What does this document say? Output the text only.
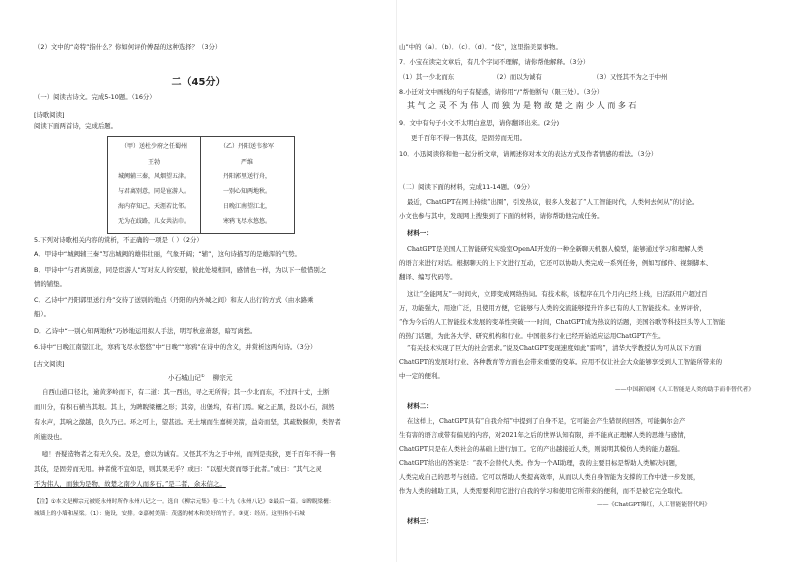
（2）文中的“奇特”指什么？你如何评价傅磊的这种选择？（3分）
二（45分）
（一）阅读古诗文。完成5-10题。（16分）
[诗歌阅读]
阅读下面两首诗，完成后题。
（甲）送杜少府之任蜀州
王勃
城阙辅三秦，风烟望五津。
与君离别意，同是宦游人。
海内存知己，天涯若比邻。
无为在歧路，儿女共沾巾。
（乙）丹阳送韦参军
严维
丹阳郭里送行舟，
一别心知两地秋。
日晚江南望江北，
寒鸦飞尽水悠悠。
5.下列对诗歌相关内容的赏析，不正确的一项是（ ）（2分）
A．甲诗中“城阙辅三秦”写出城阙的雄伟壮丽，气象开阔；“辅”，这句诗描写的是雄浑的气势。
B．甲诗中“与君离别意，同是宦游人”写对友人的安慰，彼此处境相同，感情也一样，为以下一般惜别之
情的铺垫。
C．乙诗中“丹阳郭里送行舟”交待了送别的地点（丹阳的内外城之间）和友人出行的方式（由水路乘
船）。
D．乙诗中“一别心知两地秋”巧妙地运用拟人手法，明写秋意萧瑟，暗写离愁。
6.诗中“日晚江南望江北，寒鸦飞尽水悠悠”中“日晚”“寒鸦”在诗中的含义，并赏析这两句诗。（3分）
[古文阅读]
小石城山记① 柳宗元
自西山道口径北，逾黄茅岭而下，有二道：其一西出，寻之无所得；其一少北而东，不过四十丈，土断
而川分，有积石横当其垠。其上，为睥睨梁欐之形；其旁，出堡坞，有若门焉。窥之正黑，投以小石，洞然
有水声，其响之激越，良久乃已。环之可上，望甚远。无土壤而生嘉树美箭，益奇而坚，其疏数偃仰，类智者
所施设也。
噫！吾疑造物者之有无久矣。及是，愈以为诚有。又怪其不为之于中州，而列是夷狄，更千百年不得一售
其伎，是固劳而无用。神者傥不宜如是，则其果无乎？或曰：“以慰夫贤而辱于此者。”或曰：“其气之灵
不为伟人，而独为是物，故楚之南少人而多石。”是二者，余未信之。
【注】①本文是柳宗元被贬永州时所作永州八记之一。选自《柳宗元集》卷二十九《永州八记》②最后一篇。①睥睨梁欐：
城墙上的小墙和屋梁。（1）：施设，安排。②嘉树美箭：茂盛的树木和美好的竹子。③更：经历。这里指小石城
山”中的（a）．（b）．（c）．（d）．“伎”，这里指美景事物。
7．小宝在读完文章后，有几个字词不理解，请你帮他解释。（3分）
（1）其一少北而东	（2）而以为诚有	（3）又怪其不为之于中州
8.小迁对文中画线的句子有疑惑，请你用“/”帮他断句（限三处）。（3分）
其 气 之 灵 不 为 伟 人 而 独 为 是 物 故 楚 之 南 少 人 而 多 石
9．文中有句子小文不太明白意思，请你翻译出来。(2分)
更千百年不得一售其伎，是固劳而无用。
10．小迅阅读你和他一起分析文章，请阐述你对本文的表达方式及作者情感的看法。（3分）
（二）阅读下面的材料，完成11-14题。（9分）
最近，ChatGPT在网上持续“出圈”，引发热议，很多人发起了“人工智能时代，人类何去何从”的讨论。
小文也参与其中，发现网上搜集到了下面的材料，请你帮助他完成任务。
材料一：
ChatGPT是美国人工智能研究实验室OpenAI开发的一种全新聊天机器人模型，能够通过学习和理解人类
的语言来进行对话。根据聊天的上下文进行互动，它还可以协助人类完成一系列任务，例如写邮件、视频脚本、
翻译、编写代码等。
这让“全能网友”一时间火，立即变成网络热词。有技术称，该程序在几个月内已经上线，日活跃用户超过百
万，功能强大，用途广泛，且使用方便，它能够与人类的交流能够提升许多已有的人工智能技术。业界评价，
“作为今后的人工智能技术发展的变革性突破一一时间，ChatGPT成为热议的话题，美国谷歌等科技巨头等人工智能
的热门话题，为此各大学、研究机构和行业。中国很多行业已经开始适应运用ChatGPT产生。
“有关技术实现了巨大的社会需求。”说及ChatGPT变现速度如此“雷鸣”，清华大学教授认为可从以下方面
ChatGPT的发展对行业、各种教育等方面也会带来重要的变革。应用不仅让社会大众能够享受到人工智能所带来的
中一定的便利。
——中国新闻网《人工智能是人类的助手而非替代者》
材料二：
在这样上，ChatGPT具有“自我介绍”中提到了自身不足，它可能会产生错误的回答，可能偶尔会产
生有害的语言或带有偏见的内容，对2021年之后的世界认知有限，并不能真正理解人类的思维与感情，
ChatGPT只是在人类社会的基础上进行加工。它的产出越接近人类，则说明其模仿人类的能力越强。
ChatGPT给出的答案是：“我不会替代人类。作为一个AI助理，我的主要目标是帮助人类解决问题，
人类完成自己的思考与创造。它可以帮助人类提高效率，从而以人类自身智能为支撑的工作中进一步发展，
作为人类的辅助工具，人类需要利用它进行自我的学习和使用它所带来的便利，而不是被它完全取代。
——《ChatGPT爆红，人工智能能替代吗》
材料三：
